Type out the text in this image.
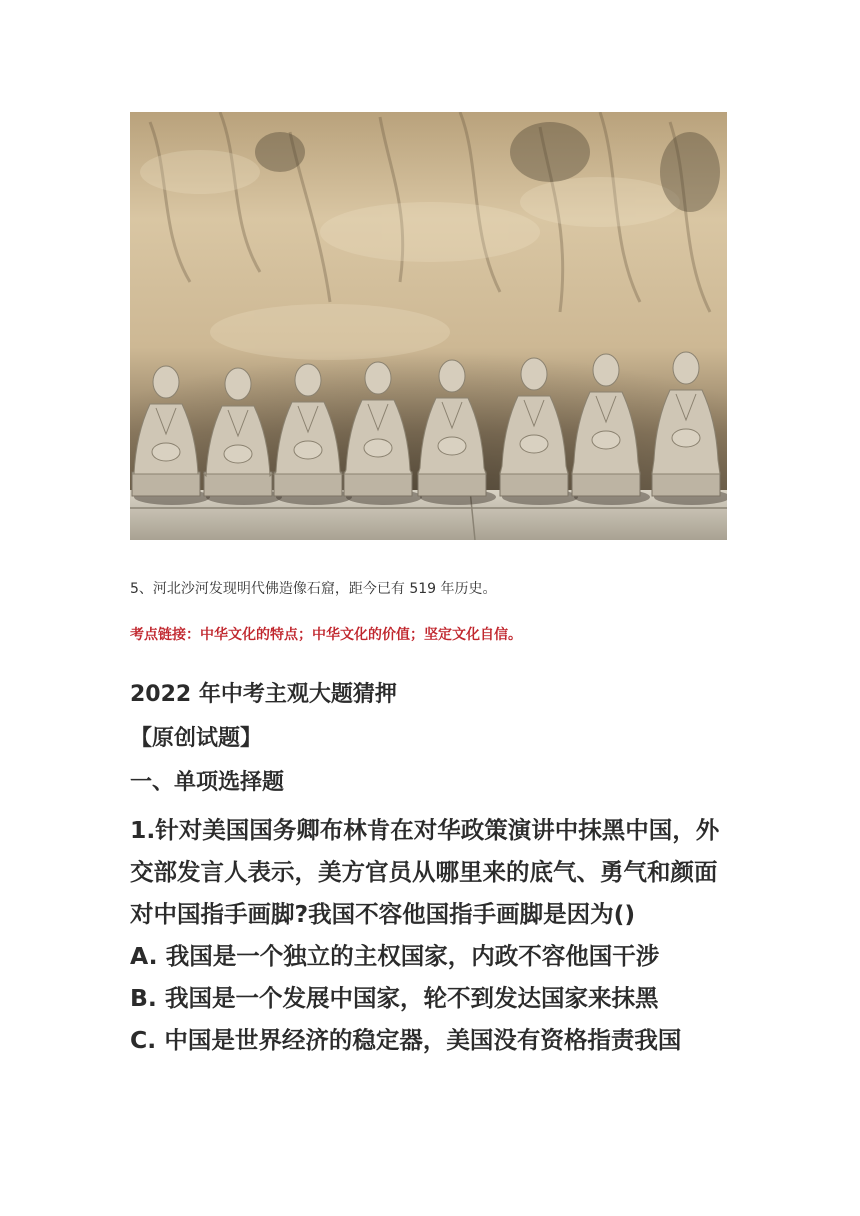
5、河北沙河发现明代佛造像石窟，距今已有 519 年历史。
考点链接：中华文化的特点；中华文化的价值；坚定文化自信。
2022 年中考主观大题猜押
【原创试题】
一、单项选择题
1.针对美国国务卿布林肯在对华政策演讲中抹黑中国，外
交部发言人表示，美方官员从哪里来的底气、勇气和颜面
对中国指手画脚?我国不容他国指手画脚是因为()
A. 我国是一个独立的主权国家，内政不容他国干涉
B. 我国是一个发展中国家，轮不到发达国家来抹黑
C. 中国是世界经济的稳定器，美国没有资格指责我国
